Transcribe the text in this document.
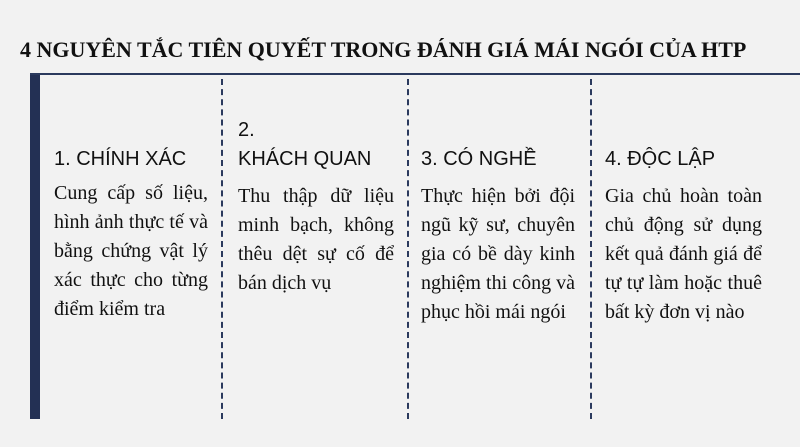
4 NGUYÊN TẮC TIÊN QUYẾT TRONG ĐÁNH GIÁ MÁI NGÓI CỦA HTP
1. CHÍNH XÁC

Cung cấp số liệu, hình ảnh thực tế và bằng chứng vật lý xác thực cho từng điểm kiểm tra

2.
KHÁCH QUAN

Thu thập dữ liệu minh bạch, không thêu dệt sự cố để bán dịch vụ

3. CÓ NGHỀ

Thực hiện bởi đội ngũ kỹ sư, chuyên gia có bề dày kinh nghiệm thi công và phục hồi mái ngói

4. ĐỘC LẬP

Gia chủ hoàn toàn chủ động sử dụng kết quả đánh giá để tự tự làm hoặc thuê bất kỳ đơn vị nào
